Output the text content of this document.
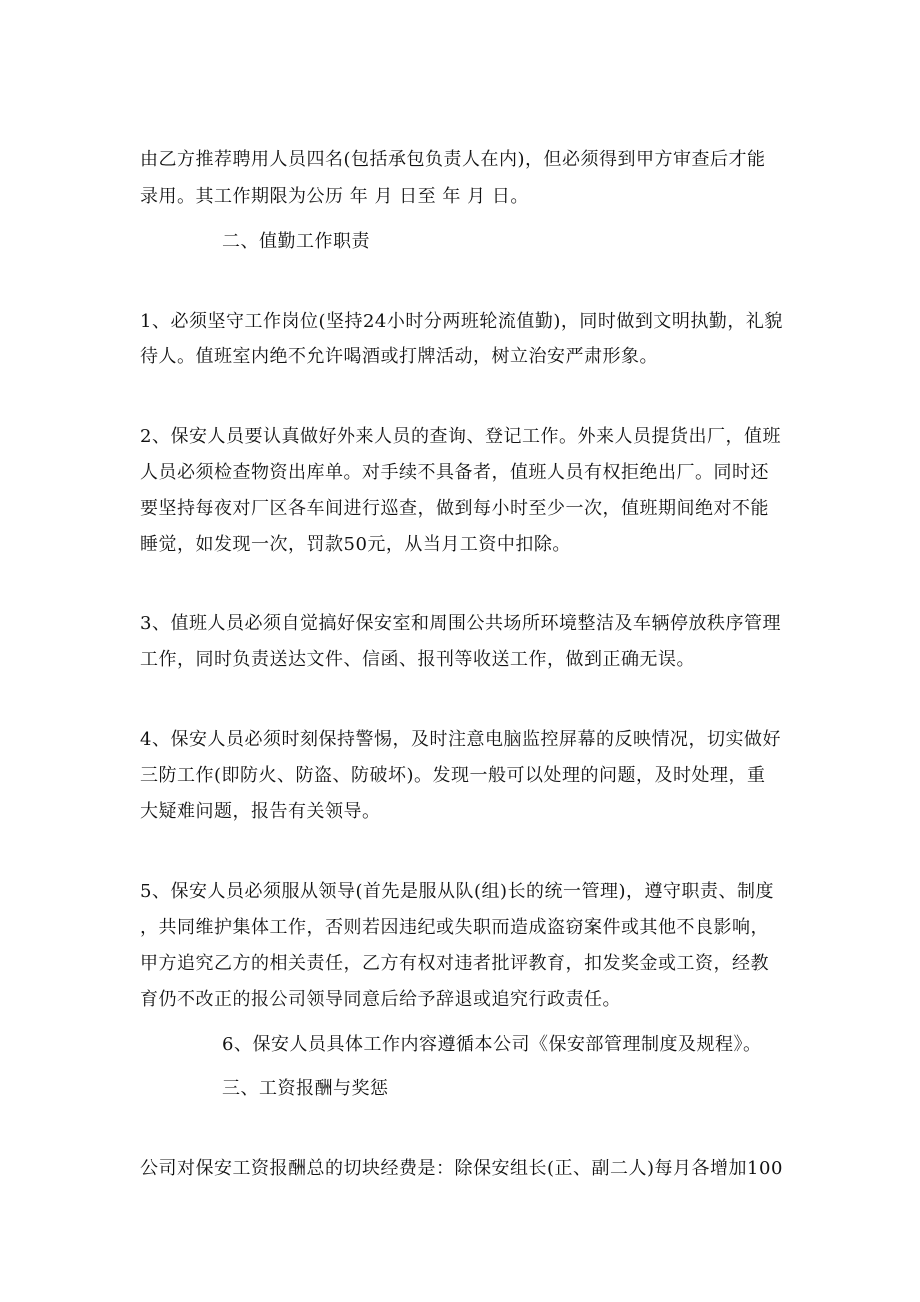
由乙方推荐聘用人员四名(包括承包负责人在内)，但必须得到甲方审查后才能

录用。其工作期限为公历 年 月 日至 年 月 日。

二、值勤工作职责

1、必须坚守工作岗位(坚持24小时分两班轮流值勤)，同时做到文明执勤，礼貌

待人。值班室内绝不允许喝酒或打牌活动，树立治安严肃形象。

2、保安人员要认真做好外来人员的查询、登记工作。外来人员提货出厂，值班

人员必须检查物资出库单。对手续不具备者，值班人员有权拒绝出厂。同时还

要坚持每夜对厂区各车间进行巡查，做到每小时至少一次，值班期间绝对不能

睡觉，如发现一次，罚款50元，从当月工资中扣除。

3、值班人员必须自觉搞好保安室和周围公共场所环境整洁及车辆停放秩序管理

工作，同时负责送达文件、信函、报刊等收送工作，做到正确无误。

4、保安人员必须时刻保持警惕，及时注意电脑监控屏幕的反映情况，切实做好

三防工作(即防火、防盗、防破坏)。发现一般可以处理的问题，及时处理，重

大疑难问题，报告有关领导。

5、保安人员必须服从领导(首先是服从队(组)长的统一管理)，遵守职责、制度

，共同维护集体工作，否则若因违纪或失职而造成盗窃案件或其他不良影响，

甲方追究乙方的相关责任，乙方有权对违者批评教育，扣发奖金或工资，经教

育仍不改正的报公司领导同意后给予辞退或追究行政责任。

6、保安人员具体工作内容遵循本公司《保安部管理制度及规程》。

三、工资报酬与奖惩

公司对保安工资报酬总的切块经费是：除保安组长(正、副二人)每月各增加100
